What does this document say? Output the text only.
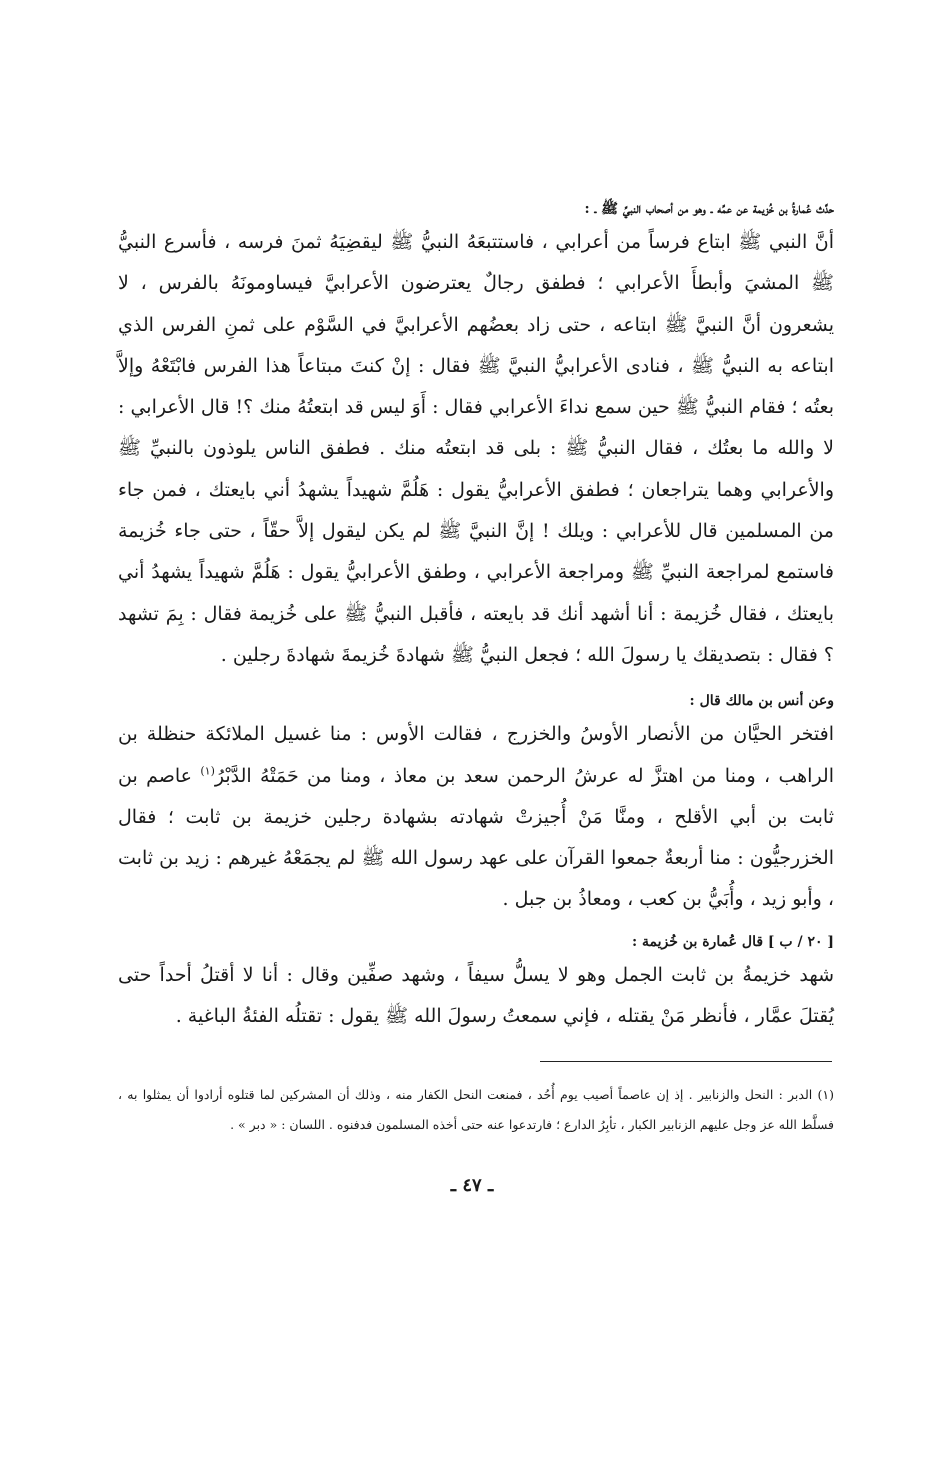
حدَّث عُمارةُ بن خُزيمة عن عمِّه ـ وهو من أصحاب النبيِّ ﷺ ـ :

أنَّ النبي ﷺ ابتاع فرساً من أعرابي ، فاستتبعَهُ النبيُّ ﷺ ليقضِيَهُ ثمنَ فرسه ، فأسرع النبيُّ ﷺ المشيَ وأبطأَ الأعرابي ؛ فطفق رجالٌ يعترضون الأعرابيَّ فيساومونَهُ بالفرس ، لا يشعرون أنَّ النبيَّ ﷺ ابتاعه ، حتى زاد بعضُهم الأعرابيَّ في السَّوْم على ثمنِ الفرس الذي ابتاعه به النبيُّ ﷺ ، فنادى الأعرابيُّ النبيَّ ﷺ فقال : إنْ كنتَ مبتاعاً هذا الفرس فابْتَعْهُ وإلاَّ بعتُه ؛ فقام النبيُّ ﷺ حين سمع نداءَ الأعرابي فقال : أَوَ ليس قد ابتعتُهُ منك ؟! قال الأعرابي : لا والله ما بعتُك ، فقال النبيُّ ﷺ : بلى قد ابتعتُه منك . فطفق الناس يلوذون بالنبيِّ ﷺ والأعرابي وهما يتراجعان ؛ فطفق الأعرابيُّ يقول : هَلُمَّ شهيداً يشهدُ أني بايعتك ، فمن جاء من المسلمين قال للأعرابي : ويلك ! إنَّ النبيَّ ﷺ لم يكن ليقول إلاَّ حقّاً ، حتى جاء خُزيمة فاستمع لمراجعة النبيِّ ﷺ ومراجعة الأعرابي ، وطفق الأعرابيُّ يقول : هَلُمَّ شهيداً يشهدُ أني بايعتك ، فقال خُزيمة : أنا أشهد أنك قد بايعته ، فأقبل النبيُّ ﷺ على خُزيمة فقال : بِمَ تشهد ؟ فقال : بتصديقك يا رسولَ الله ؛ فجعل النبيُّ ﷺ شهادةَ خُزيمةَ شهادةَ رجلين .

وعن أنس بن مالك قال :

افتخر الحيَّان من الأنصار الأوسُ والخزرج ، فقالت الأوس : منا غسيل الملائكة حنظلة بن الراهب ، ومنا من اهتزَّ له عرشُ الرحمن سعد بن معاذ ، ومنا من حَمَتْهُ الدَّبْرُ$^{(١)}$ عاصم بن ثابت بن أبي الأقلح ، ومنَّا مَنْ أُجيزتْ شهادته بشهادة رجلين خزيمة بن ثابت ؛ فقال الخزرجيُّون : منا أربعةٌ جمعوا القرآن على عهد رسول الله ﷺ لم يجمَعْهُ غيرهم : زيد بن ثابت ، وأبو زيد ، وأُبَيُّ بن كعب ، ومعاذُ بن جبل .

[ ٢٠ / ب ] قال عُمارة بن خُزيمة :

شهد خزيمةُ بن ثابت الجمل وهو لا يسلُّ سيفاً ، وشهد صفِّين وقال : أنا لا أقتلُ أحداً حتى يُقتلَ عمَّار ، فأنظر مَنْ يقتله ، فإني سمعتُ رسولَ الله ﷺ يقول : تقتلُه الفئةُ الباغية .

(١) الدبر : النحل والزنابير . إذ إن عاصماً أصيب يوم أُحُد ، فمنعت النحل الكفار منه ، وذلك أن المشركين لما قتلوه أرادوا أن يمثلوا به ، فسلَّط الله عز وجل عليهم الزنابير الكبار ، تأبِرُ الدارع ؛ فارتدعوا عنه حتى أخذه المسلمون فدفنوه . اللسان : « دبر » .
ـ ٤٧ ـ
